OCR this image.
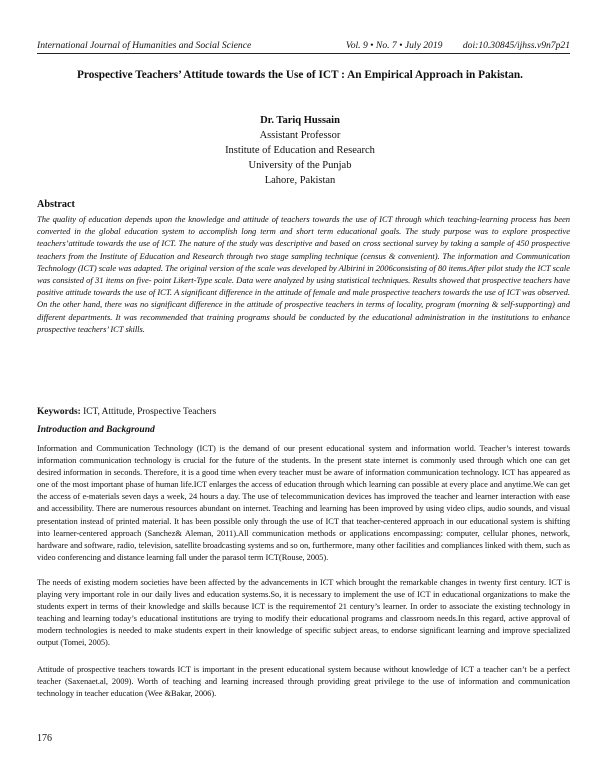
International Journal of Humanities and Social Science	Vol. 9 • No. 7 • July 2019 doi:10.30845/ijhss.v9n7p21
Prospective Teachers’ Attitude towards the Use of ICT : An Empirical Approach in Pakistan.
Dr. Tariq Hussain
Assistant Professor
Institute of Education and Research
University of the Punjab
Lahore, Pakistan
Abstract
The quality of education depends upon the knowledge and attitude of teachers towards the use of ICT through which teaching-learning process has been converted in the global education system to accomplish long term and short term educational goals. The study purpose was to explore prospective teachers’attitude towards the use of ICT. The nature of the study was descriptive and based on cross sectional survey by taking a sample of 450 prospective teachers from the Institute of Education and Research through two stage sampling technique (census & convenient). The information and Communication Technology (ICT) scale was adapted. The original version of the scale was developed by Albirini in 2006consisting of 80 items.After pilot study the ICT scale was consisted of 31 items on five- point Likert-Type scale. Data were analyzed by using statistical techniques. Results showed that prospective teachers have positive attitude towards the use of ICT. A significant difference in the attitude of female and male prospective teachers towards the use of ICT was observed. On the other hand, there was no significant difference in the attitude of prospective teachers in terms of locality, program (morning & self-supporting) and different departments. It was recommended that training programs should be conducted by the educational administration in the institutions to enhance prospective teachers’ ICT skills.
Keywords: ICT, Attitude, Prospective Teachers
Introduction and Background
Information and Communication Technology (ICT) is the demand of our present educational system and information world. Teacher’s interest towards information communication technology is crucial for the future of the students. In the present state internet is commonly used through which one can get desired information in seconds. Therefore, it is a good time when every teacher must be aware of information communication technology. ICT has appeared as one of the most important phase of human life.ICT enlarges the access of education through which learning can possible at every place and anytime.We can get the access of e-materials seven days a week, 24 hours a day. The use of telecommunication devices has improved the teacher and learner interaction with ease and accessibility. There are numerous resources abundant on internet. Teaching and learning has been improved by using video clips, audio sounds, and visual presentation instead of printed material. It has been possible only through the use of ICT that teacher-centered approach in our educational system is shifting into learner-centered approach (Sanchez& Aleman, 2011).All communication methods or applications encompassing: computer, cellular phones, network, hardware and software, radio, television, satellite broadcasting systems and so on, furthermore, many other facilities and compliances linked with them, such as video conferencing and distance learning fall under the parasol term ICT(Rouse, 2005).
The needs of existing modern societies have been affected by the advancements in ICT which brought the remarkable changes in twenty first century. ICT is playing very important role in our daily lives and education systems.So, it is necessary to implement the use of ICT in educational organizations to make the students expert in terms of their knowledge and skills because ICT is the requirementof 21 century’s learner. In order to associate the existing technology in teaching and learning today’s educational institutions are trying to modify their educational programs and classroom needs.In this regard, active approval of modern technologies is needed to make students expert in their knowledge of specific subject areas, to endorse significant learning and improve specialized output (Tomei, 2005).
Attitude of prospective teachers towards ICT is important in the present educational system because without knowledge of ICT a teacher can’t be a perfect teacher (Saxenaet.al, 2009). Worth of teaching and learning increased through providing great privilege to the use of information and communication technology in teacher education (Wee &Bakar, 2006).
176
